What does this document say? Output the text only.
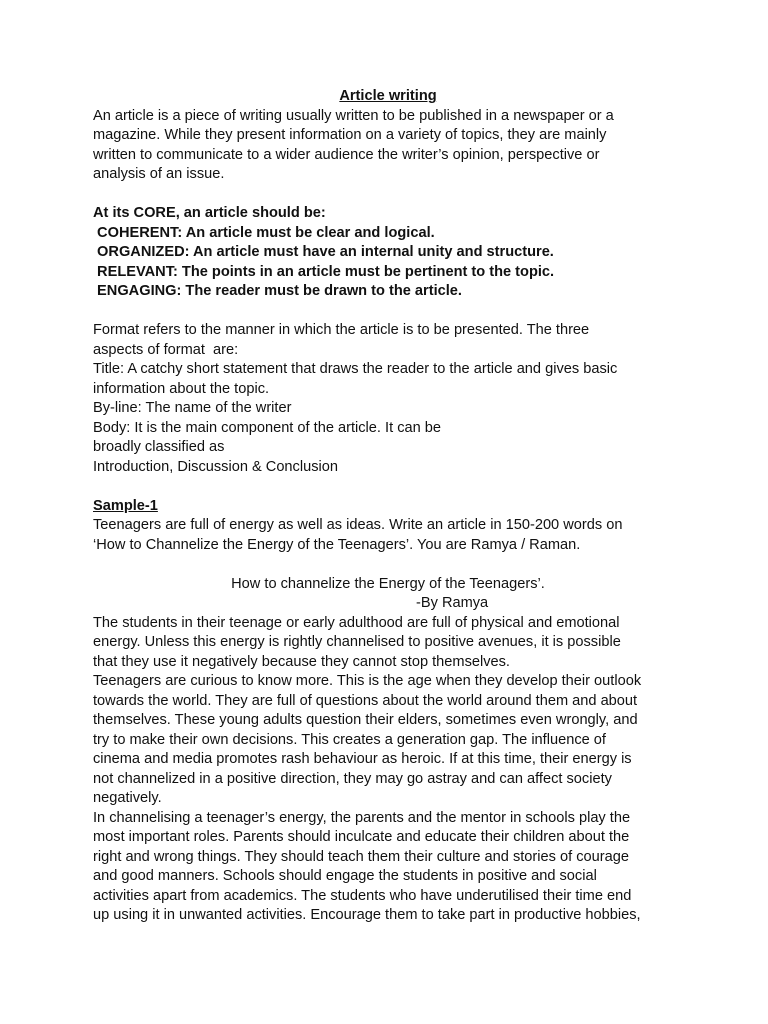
Article writing
An article is a piece of writing usually written to be published in a newspaper or a
magazine. While they present information on a variety of topics, they are mainly
written to communicate to a wider audience the writer’s opinion, perspective or
analysis of an issue.
At its CORE, an article should be:
COHERENT: An article must be clear and logical.
ORGANIZED: An article must have an internal unity and structure.
RELEVANT: The points in an article must be pertinent to the topic.
ENGAGING: The reader must be drawn to the article.
Format refers to the manner in which the article is to be presented. The three
aspects of format  are:
Title: A catchy short statement that draws the reader to the article and gives basic
information about the topic.
By-line: The name of the writer
Body: It is the main component of the article. It can be
broadly classified as
Introduction, Discussion & Conclusion
Sample-1
Teenagers are full of energy as well as ideas. Write an article in 150-200 words on
‘How to Channelize the Energy of the Teenagers’. You are Ramya / Raman.
How to channelize the Energy of the Teenagers’.
-By Ramya
The students in their teenage or early adulthood are full of physical and emotional
energy. Unless this energy is rightly channelised to positive avenues, it is possible
that they use it negatively because they cannot stop themselves.
Teenagers are curious to know more. This is the age when they develop their outlook
towards the world. They are full of questions about the world around them and about
themselves. These young adults question their elders, sometimes even wrongly, and
try to make their own decisions. This creates a generation gap. The influence of
cinema and media promotes rash behaviour as heroic. If at this time, their energy is
not channelized in a positive direction, they may go astray and can affect society
negatively.
In channelising a teenager’s energy, the parents and the mentor in schools play the
most important roles. Parents should inculcate and educate their children about the
right and wrong things. They should teach them their culture and stories of courage
and good manners. Schools should engage the students in positive and social
activities apart from academics. The students who have underutilised their time end
up using it in unwanted activities. Encourage them to take part in productive hobbies,
